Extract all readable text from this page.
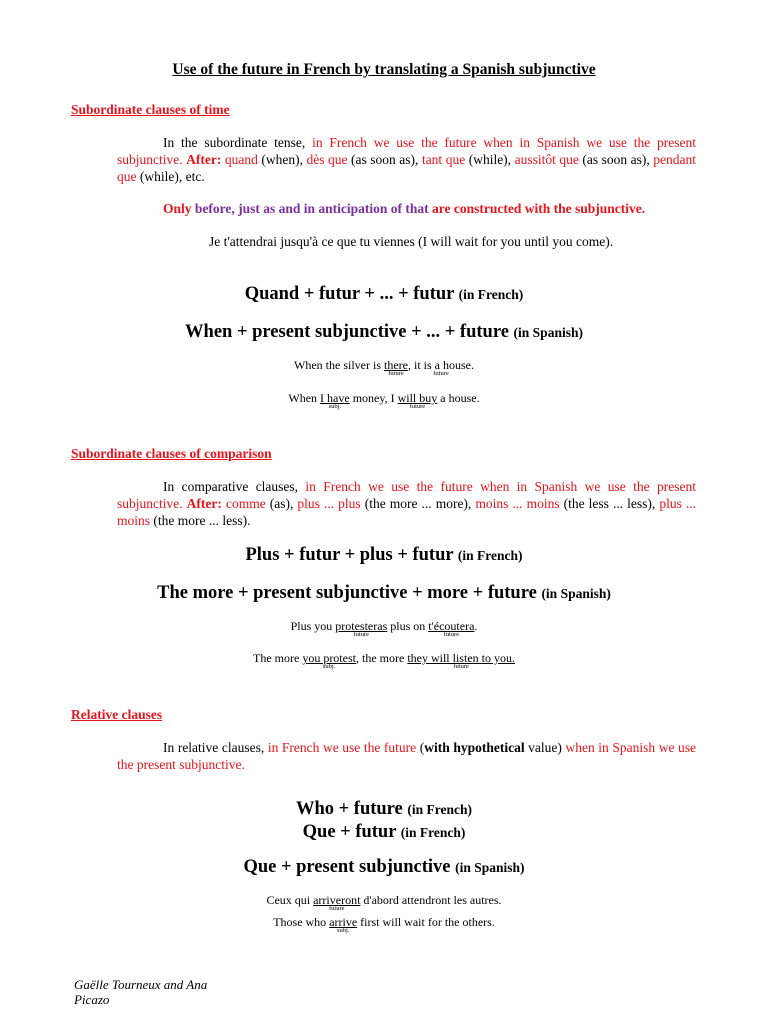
Use of the future in French by translating a Spanish subjunctive
Subordinate clauses of time
In the subordinate tense, in French we use the future when in Spanish we use the present subjunctive. After: quand (when), dès que (as soon as), tant que (while), aussitôt que (as soon as), pendant que (while), etc.
Only before, just as and in anticipation of that are constructed with the subjunctive.
Je t'attendrai jusqu'à ce que tu viennes (I will wait for you until you come).
Quand + futur + ... + futur (in French)
When + present subjunctive + ... + future (in Spanish)
When the silver is there
future
, it is a house.
future
When I have
subj.
money, I will buy
future
a house.
Subordinate clauses of comparison
In comparative clauses, in French we use the future when in Spanish we use the present subjunctive. After: comme (as), plus ... plus (the more ... more), moins ... moins (the less ... less), plus ... moins (the more ... less).
Plus + futur + plus + futur (in French)
The more + present subjunctive + more + future (in Spanish)
Plus you protesteras
future
plus on t'écoutera
future
.
The more you protest
subj.
, the more they will listen to you.
future
Relative clauses
In relative clauses, in French we use the future (with hypothetical value) when in Spanish we use the present subjunctive.
Who + future (in French)
Que + futur (in French)
Que + present subjunctive (in Spanish)
Ceux qui arriveront
future
d'abord attendront les autres.
Those who arrive
subj.
first will wait for the others.
Gaëlle Tourneux and Ana Picazo
